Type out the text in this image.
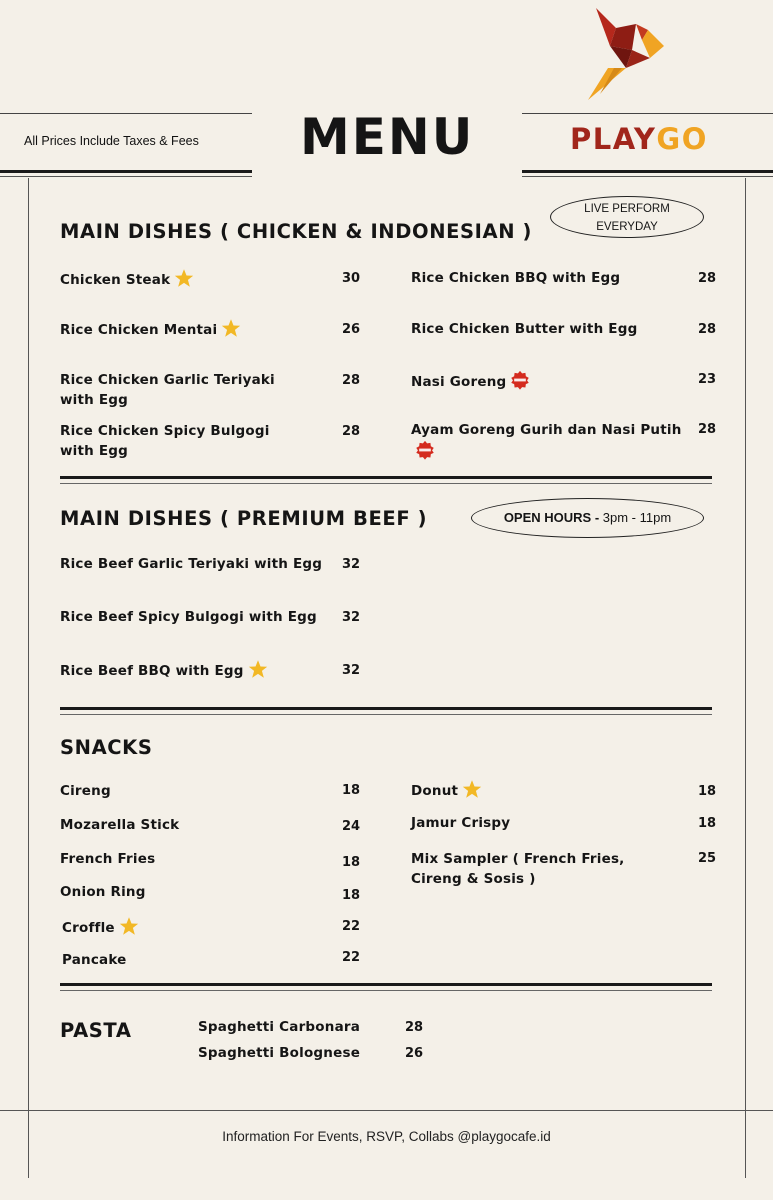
All Prices Include Taxes & Fees MENU	PLAYGO
LIVE PERFORM
EVERYDAY
MAIN DISHES ( CHICKEN & INDONESIAN )
Chicken Steak	30
Rice Chicken Mentai	26
Rice Chicken Garlic Teriyaki with Egg
28
Rice Chicken Spicy Bulgogi with Egg
28
Rice Chicken BBQ with Egg	28
Rice Chicken Butter with Egg	28
Nasi Goreng	23
Ayam Goreng Gurih dan Nasi Putih	28
MAIN DISHES ( PREMIUM BEEF )	OPEN HOURS - 3pm - 11pm
Rice Beef Garlic Teriyaki with Egg	32
Rice Beef Spicy Bulgogi with Egg	32
Rice Beef BBQ with Egg	32
SNACKS
Cireng	18
Mozarella Stick	24
French Fries	18
Onion Ring	18
Croffle	22
Pancake	22
Donut	18
Jamur Crispy	18
Mix Sampler ( French Fries, Cireng & Sosis )
25
PASTA	Spaghetti Carbonara	28
Spaghetti Bolognese	26
Information For Events, RSVP, Collabs @playgocafe.id
